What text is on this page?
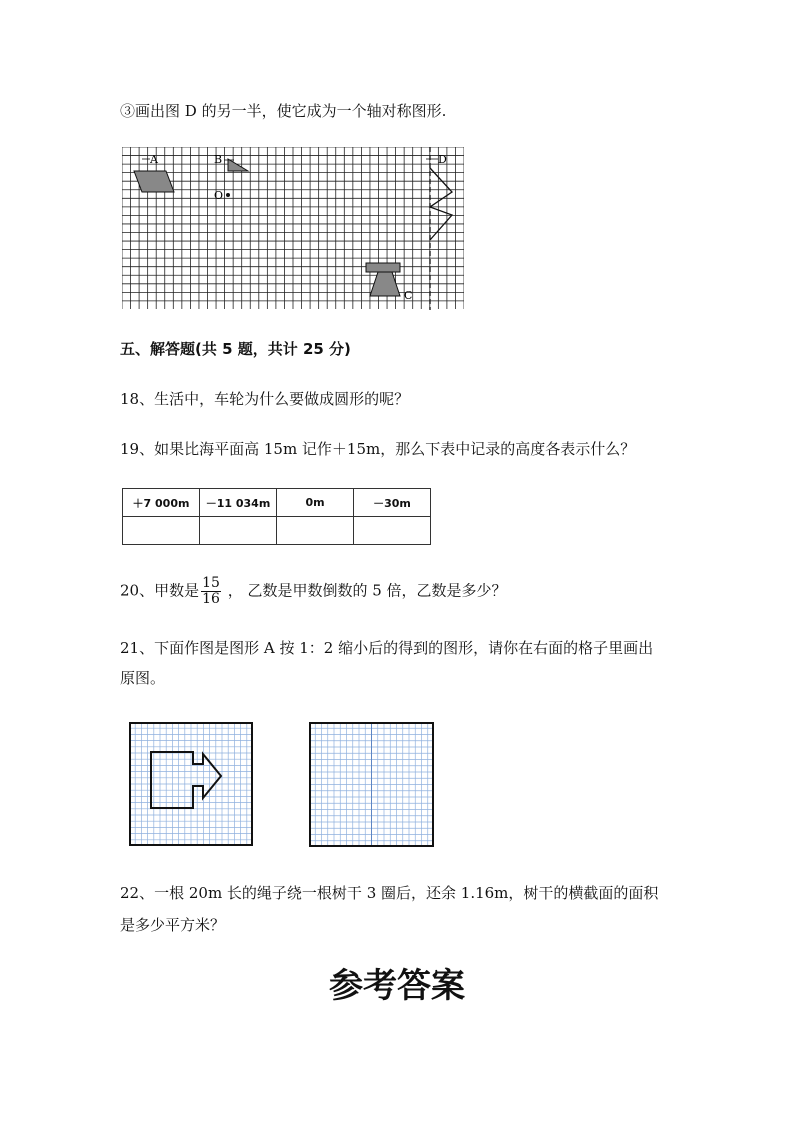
③画出图 D 的另一半，使它成为一个轴对称图形.
A	B
O
C
D
五、解答题(共 5 题，共计 25 分)
18、生活中，车轮为什么要做成圆形的呢？
19、如果比海平面高 15m 记作＋15m，那么下表中记录的高度各表示什么？
＋7 000m	－11 034m	0m	－30m

20、甲数是 $\frac{15}{16}$ ， 乙数是甲数倒数的 5 倍，乙数是多少？
21、下面作图是图形 A 按 1：2 缩小后的得到的图形，请你在右面的格子里画出
原图。
22、一根 20m 长的绳子绕一根树干 3 圈后，还余 1.16m，树干的横截面的面积
是多少平方米？
参考答案
